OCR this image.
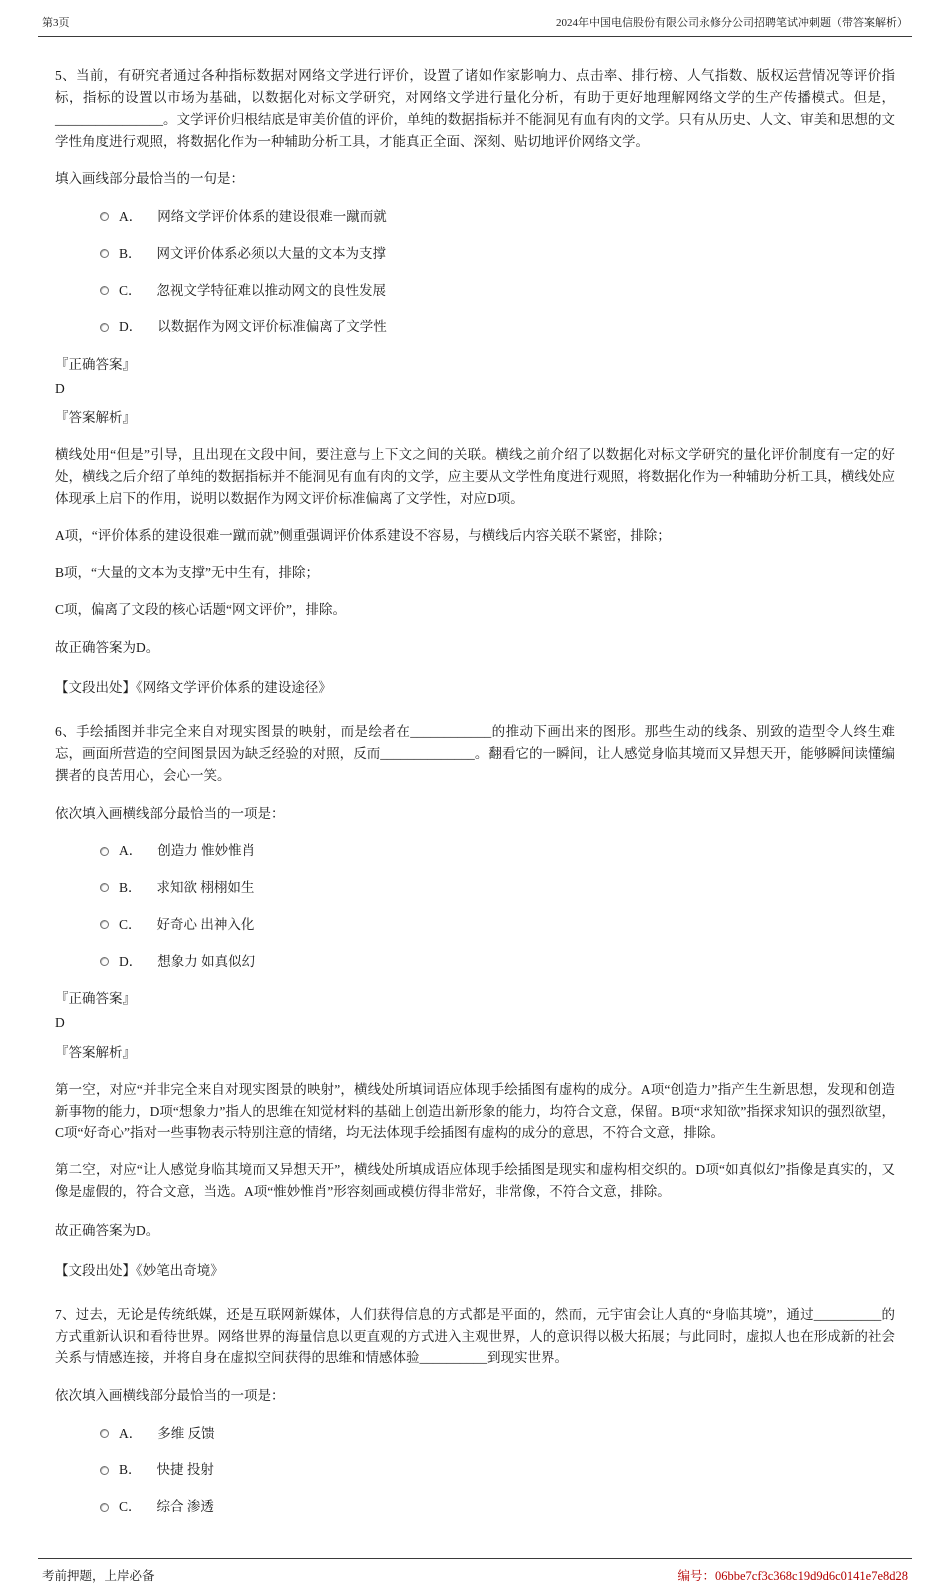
第3页	2024年中国电信股份有限公司永修分公司招聘笔试冲刺题（带答案解析）

5、当前，有研究者通过各种指标数据对网络文学进行评价，设置了诸如作家影响力、点击率、排行榜、人气指数、版权运营情况等评价指标，指标的设置以市场为基础，以数据化对标文学研究，对网络文学进行量化分析，有助于更好地理解网络文学的生产传播模式。但是，________________。文学评价归根结底是审美价值的评价，单纯的数据指标并不能洞见有血有肉的文学。只有从历史、人文、审美和思想的文学性角度进行观照，将数据化作为一种辅助分析工具，才能真正全面、深刻、贴切地评价网络文学。

填入画线部分最恰当的一句是：

A． 网络文学评价体系的建设很难一蹴而就
B． 网文评价体系必须以大量的文本为支撑
C． 忽视文学特征难以推动网文的良性发展
D． 以数据作为网文评价标准偏离了文学性

『正确答案』

D

『答案解析』

横线处用“但是”引导，且出现在文段中间，要注意与上下文之间的关联。横线之前介绍了以数据化对标文学研究的量化评价制度有一定的好处，横线之后介绍了单纯的数据指标并不能洞见有血有肉的文学，应主要从文学性角度进行观照，将数据化作为一种辅助分析工具，横线处应体现承上启下的作用，说明以数据作为网文评价标准偏离了文学性，对应D项。

A项，“评价体系的建设很难一蹴而就”侧重强调评价体系建设不容易，与横线后内容关联不紧密，排除；

B项，“大量的文本为支撑”无中生有，排除；

C项，偏离了文段的核心话题“网文评价”，排除。

故正确答案为D。

【文段出处】《网络文学评价体系的建设途径》

6、手绘插图并非完全来自对现实图景的映射，而是绘者在____________的推动下画出来的图形。那些生动的线条、别致的造型令人终生难忘，画面所营造的空间图景因为缺乏经验的对照，反而______________。翻看它的一瞬间，让人感觉身临其境而又异想天开，能够瞬间读懂编撰者的良苦用心，会心一笑。

依次填入画横线部分最恰当的一项是：

A． 创造力 惟妙惟肖
B． 求知欲 栩栩如生
C． 好奇心 出神入化
D． 想象力 如真似幻

『正确答案』

D

『答案解析』

第一空，对应“并非完全来自对现实图景的映射”，横线处所填词语应体现手绘插图有虚构的成分。A项“创造力”指产生生新思想，发现和创造新事物的能力，D项“想象力”指人的思维在知觉材料的基础上创造出新形象的能力，均符合文意，保留。B项“求知欲”指探求知识的强烈欲望，C项“好奇心”指对一些事物表示特别注意的情绪，均无法体现手绘插图有虚构的成分的意思，不符合文意，排除。

第二空，对应“让人感觉身临其境而又异想天开”，横线处所填成语应体现手绘插图是现实和虚构相交织的。D项“如真似幻”指像是真实的，又像是虚假的，符合文意，当选。A项“惟妙惟肖”形容刻画或模仿得非常好，非常像，不符合文意，排除。

故正确答案为D。

【文段出处】《妙笔出奇境》

7、过去，无论是传统纸媒，还是互联网新媒体，人们获得信息的方式都是平面的，然而，元宇宙会让人真的“身临其境”，通过__________的方式重新认识和看待世界。网络世界的海量信息以更直观的方式进入主观世界，人的意识得以极大拓展；与此同时，虚拟人也在形成新的社会关系与情感连接，并将自身在虚拟空间获得的思维和情感体验__________到现实世界。

依次填入画横线部分最恰当的一项是：

A． 多维 反馈
B． 快捷 投射
C． 综合 渗透
考前押题，上岸必备	编号：06bbe7cf3c368c19d9d6c0141e7e8d28
